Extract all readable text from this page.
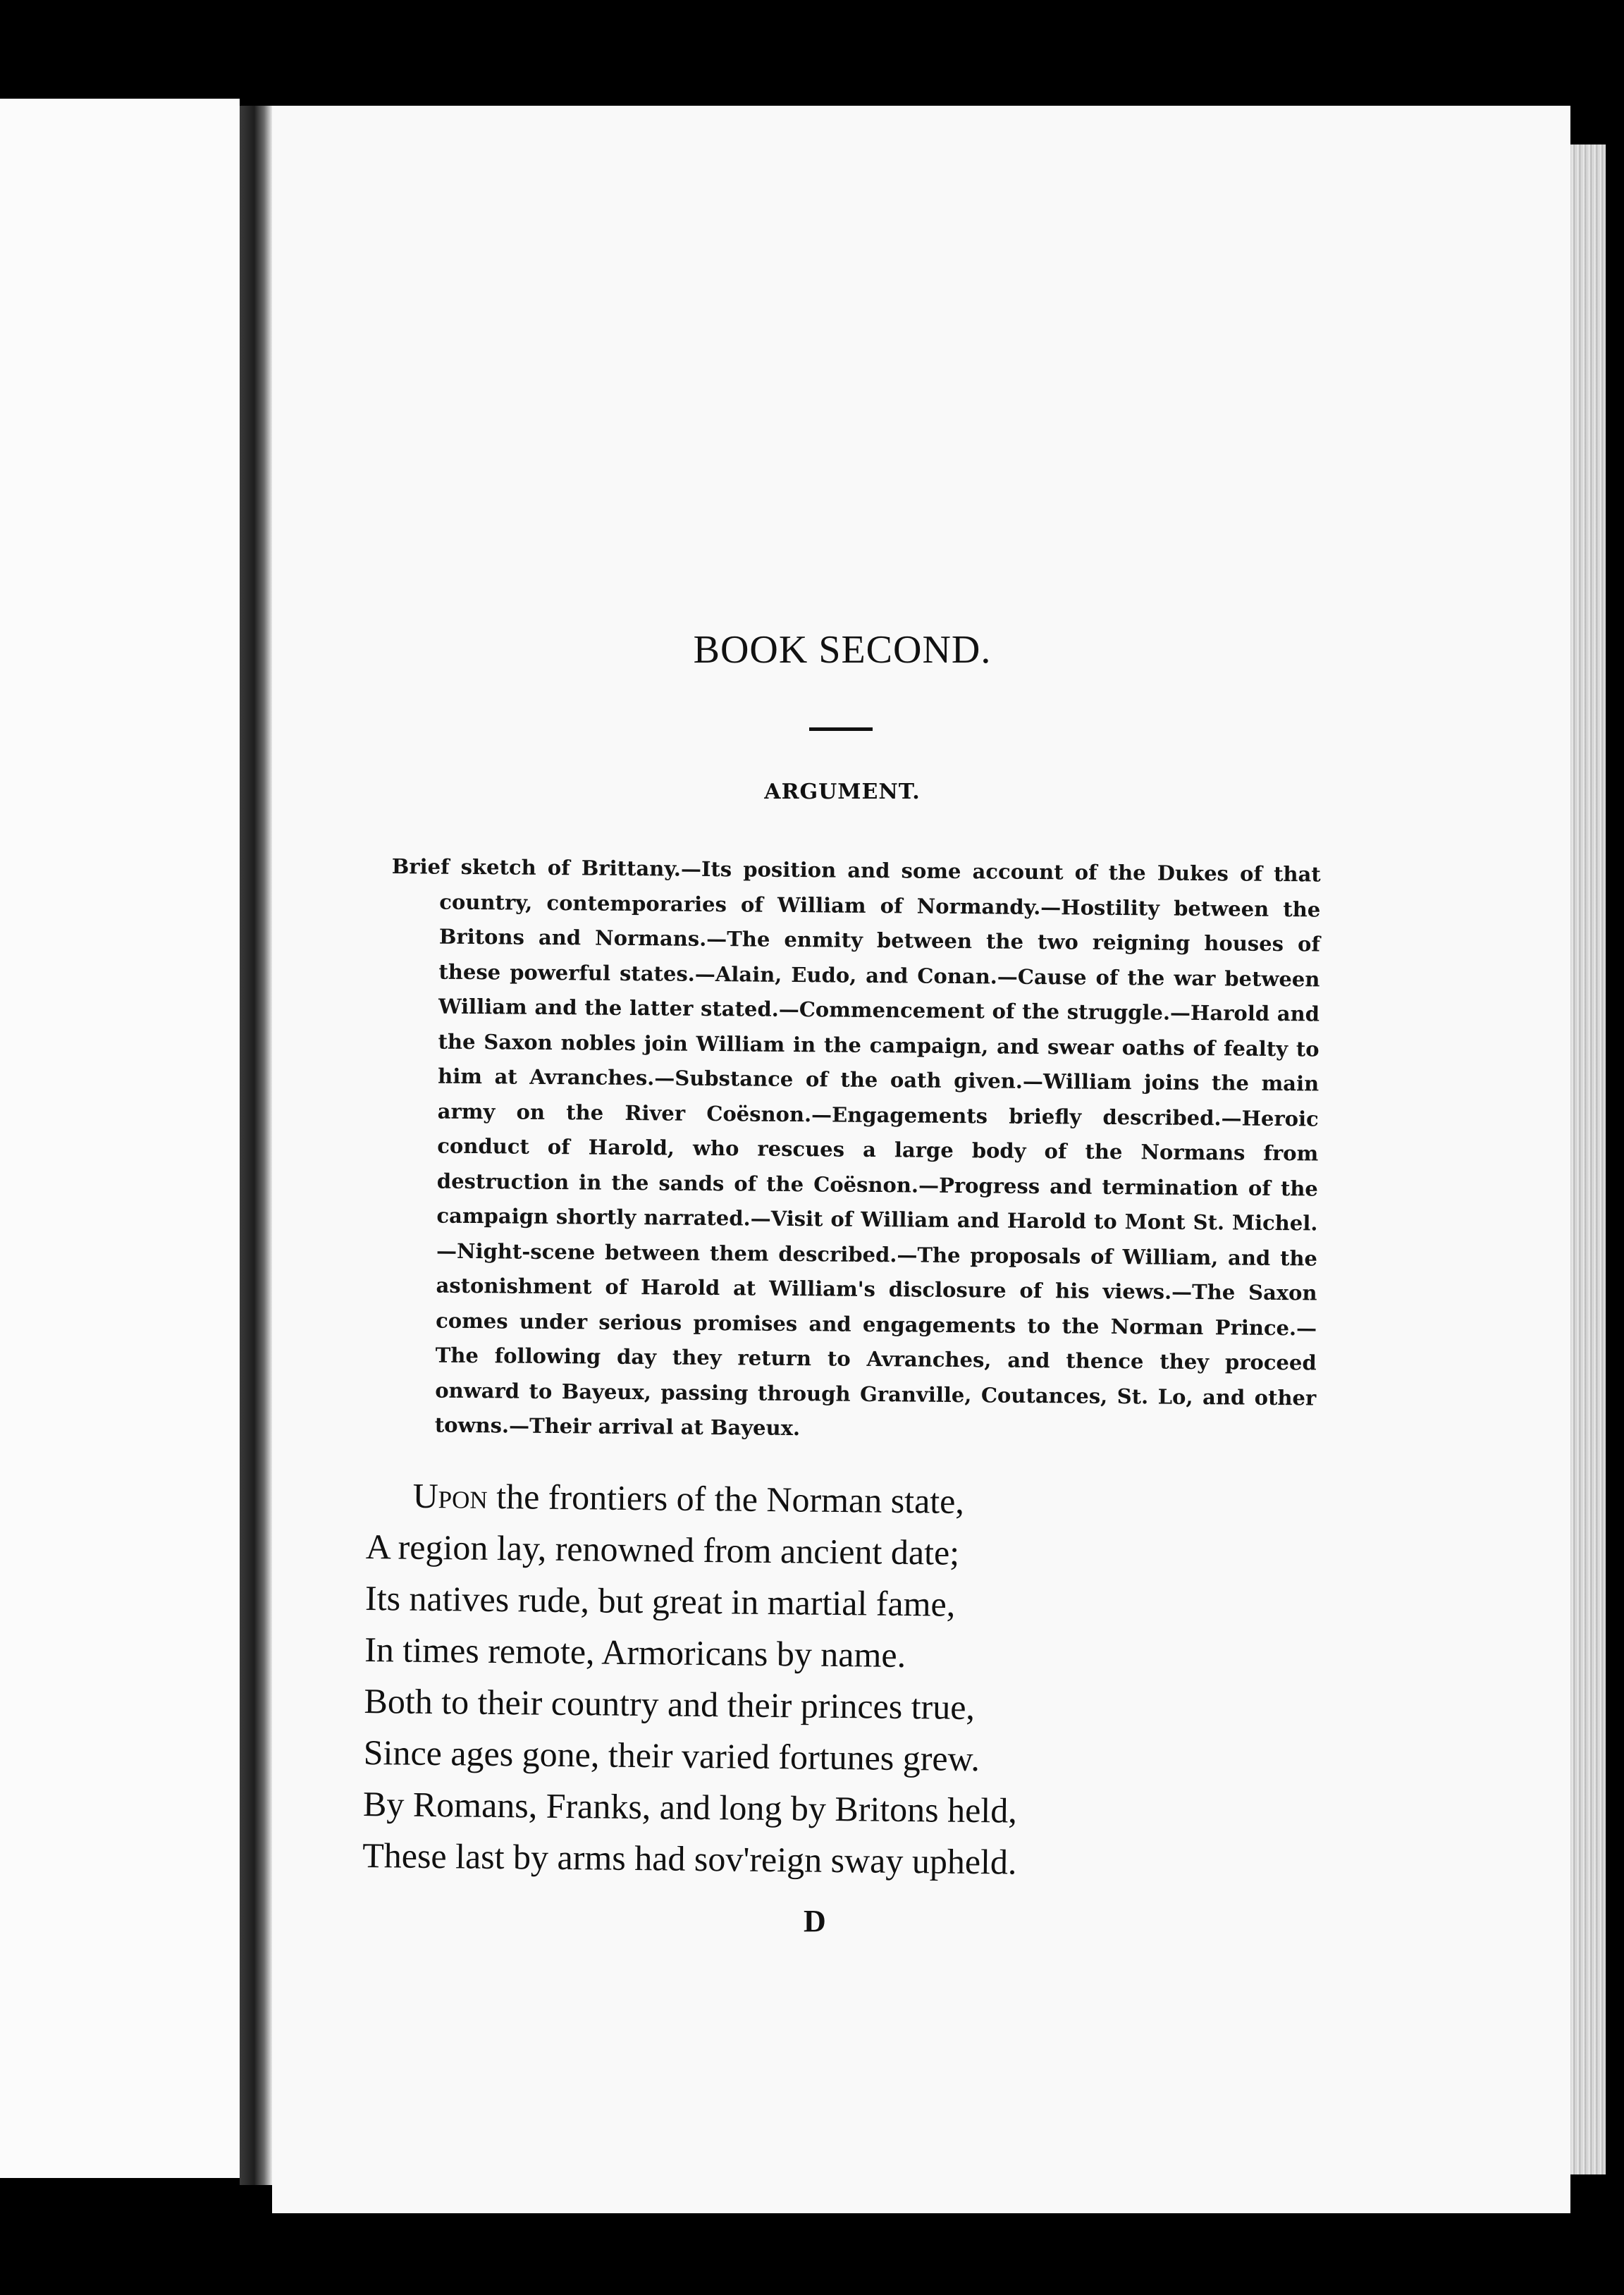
BOOK SECOND.
ARGUMENT.

Brief sketch of Brittany.—Its position and some account of the Dukes of that country, contemporaries of William of Normandy.—Hostility between the Britons and Normans.—The enmity between the two reigning houses of these powerful states.—Alain, Eudo, and Conan.—Cause of the war between William and the latter stated.—Commencement of the struggle.—Harold and the Saxon nobles join William in the campaign, and swear oaths of fealty to him at Avranches.—Substance of the oath given.—William joins the main army on the River Coësnon.—Engagements briefly described.—Heroic conduct of Harold, who rescues a large body of the Normans from destruction in the sands of the Coësnon.—Progress and termination of the campaign shortly narrated.—Visit of William and Harold to Mont St. Michel.—Night-scene between them described.—The proposals of William, and the astonishment of Harold at William's disclosure of his views.—The Saxon comes under serious promises and engagements to the Norman Prince.—The following day they return to Avranches, and thence they proceed onward to Bayeux, passing through Granville, Coutances, St. Lo, and other towns.—Their arrival at Bayeux.

Upon the frontiers of the Norman state,
A region lay, renowned from ancient date;
Its natives rude, but great in martial fame,
In times remote, Armoricans by name.
Both to their country and their princes true,
Since ages gone, their varied fortunes grew.
By Romans, Franks, and long by Britons held,
These last by arms had sov'reign sway upheld.
D
